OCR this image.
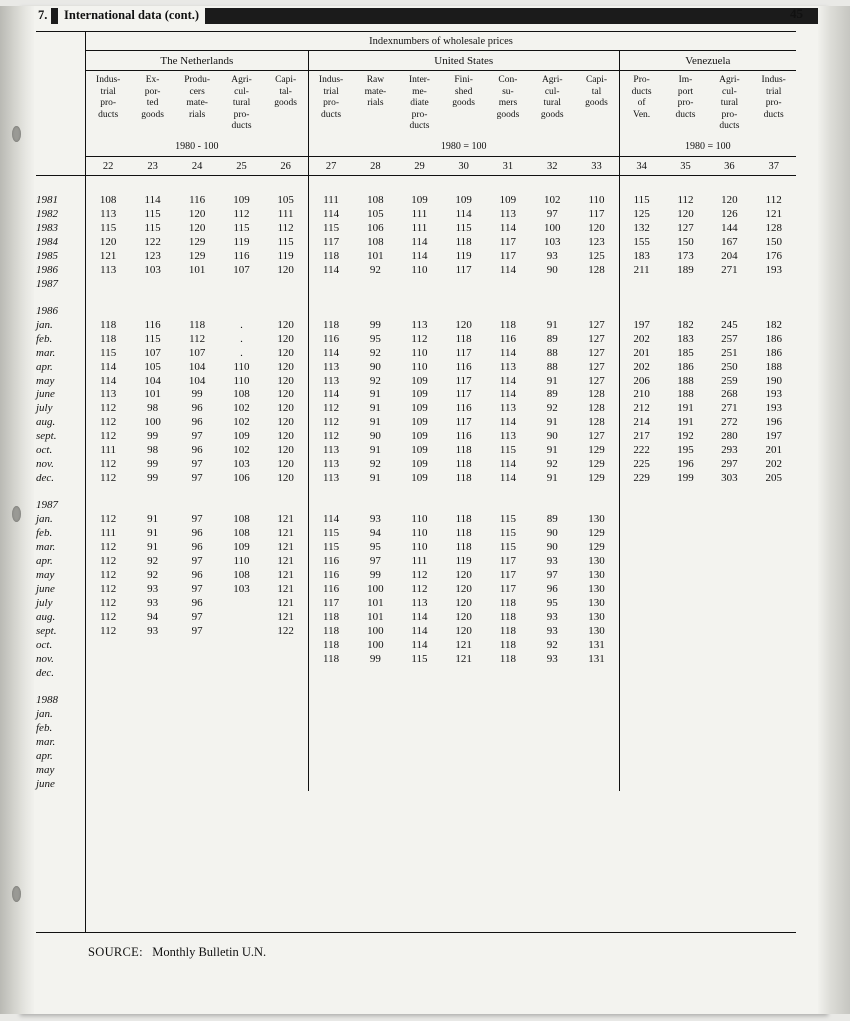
7.	International data (cont.)	45
	Indexnumbers of wholesale prices															
	The Netherlands					United States							Venezuela			
	Indus-
trial
pro-
ducts	Ex-
por-
ted
goods	Produ-
cers
mate-
rials	Agri-
cul-
tural
pro-
ducts	Capi-
tal-
goods	Indus-
trial
pro-
ducts	Raw
mate-
rials	Inter-
me-
diate
pro-
ducts	Fini-
shed
goods	Con-
su-
mers
goods	Agri-
cul-
tural
goods	Capi-
tal
goods	Pro-
ducts
of
Ven.	Im-
port
pro-
ducts	Agri-
cul-
tural
pro-
ducts	Indus-
trial
pro-
ducts
	1980 - 100					1980 = 100							1980 = 100			
	22	23	24	25	26	27	28	29	30	31	32	33	34	35	36	37

1981	108	114	116	109	105	111	108	109	109	109	102	110	115	112	120	112
1982	113	115	120	112	111	114	105	111	114	113	97	117	125	120	126	121
1983	115	115	120	115	112	115	106	111	115	114	100	120	132	127	144	128
1984	120	122	129	119	115	117	108	114	118	117	103	123	155	150	167	150
1985	121	123	129	116	119	118	101	114	119	117	93	125	183	173	204	176
1986	113	103	101	107	120	114	92	110	117	114	90	128	211	189	271	193
1987																

1986																
jan.	118	116	118	.	120	118	99	113	120	118	91	127	197	182	245	182
feb.	118	115	112	.	120	116	95	112	118	116	89	127	202	183	257	186
mar.	115	107	107	.	120	114	92	110	117	114	88	127	201	185	251	186
apr.	114	105	104	110	120	113	90	110	116	113	88	127	202	186	250	188
may	114	104	104	110	120	113	92	109	117	114	91	127	206	188	259	190
june	113	101	99	108	120	114	91	109	117	114	89	128	210	188	268	193
july	112	98	96	102	120	112	91	109	116	113	92	128	212	191	271	193
aug.	112	100	96	102	120	112	91	109	117	114	91	128	214	191	272	196
sept.	112	99	97	109	120	112	90	109	116	113	90	127	217	192	280	197
oct.	111	98	96	102	120	113	91	109	118	115	91	129	222	195	293	201
nov.	112	99	97	103	120	113	92	109	118	114	92	129	225	196	297	202
dec.	112	99	97	106	120	113	91	109	118	114	91	129	229	199	303	205

1987																
jan.	112	91	97	108	121	114	93	110	118	115	89	130				
feb.	111	91	96	108	121	115	94	110	118	115	90	129				
mar.	112	91	96	109	121	115	95	110	118	115	90	129				
apr.	112	92	97	110	121	116	97	111	119	117	93	130				
may	112	92	96	108	121	116	99	112	120	117	97	130				
june	112	93	97	103	121	116	100	112	120	117	96	130				
july	112	93	96		121	117	101	113	120	118	95	130				
aug.	112	94	97		121	118	101	114	120	118	93	130				
sept.	112	93	97		122	118	100	114	120	118	93	130				
oct.						118	100	114	121	118	92	131				
nov.						118	99	115	121	118	93	131				
dec.																

1988																
jan.																
feb.																
mar.																
apr.																
may																
june																
SOURCE: Monthly Bulletin U.N.
